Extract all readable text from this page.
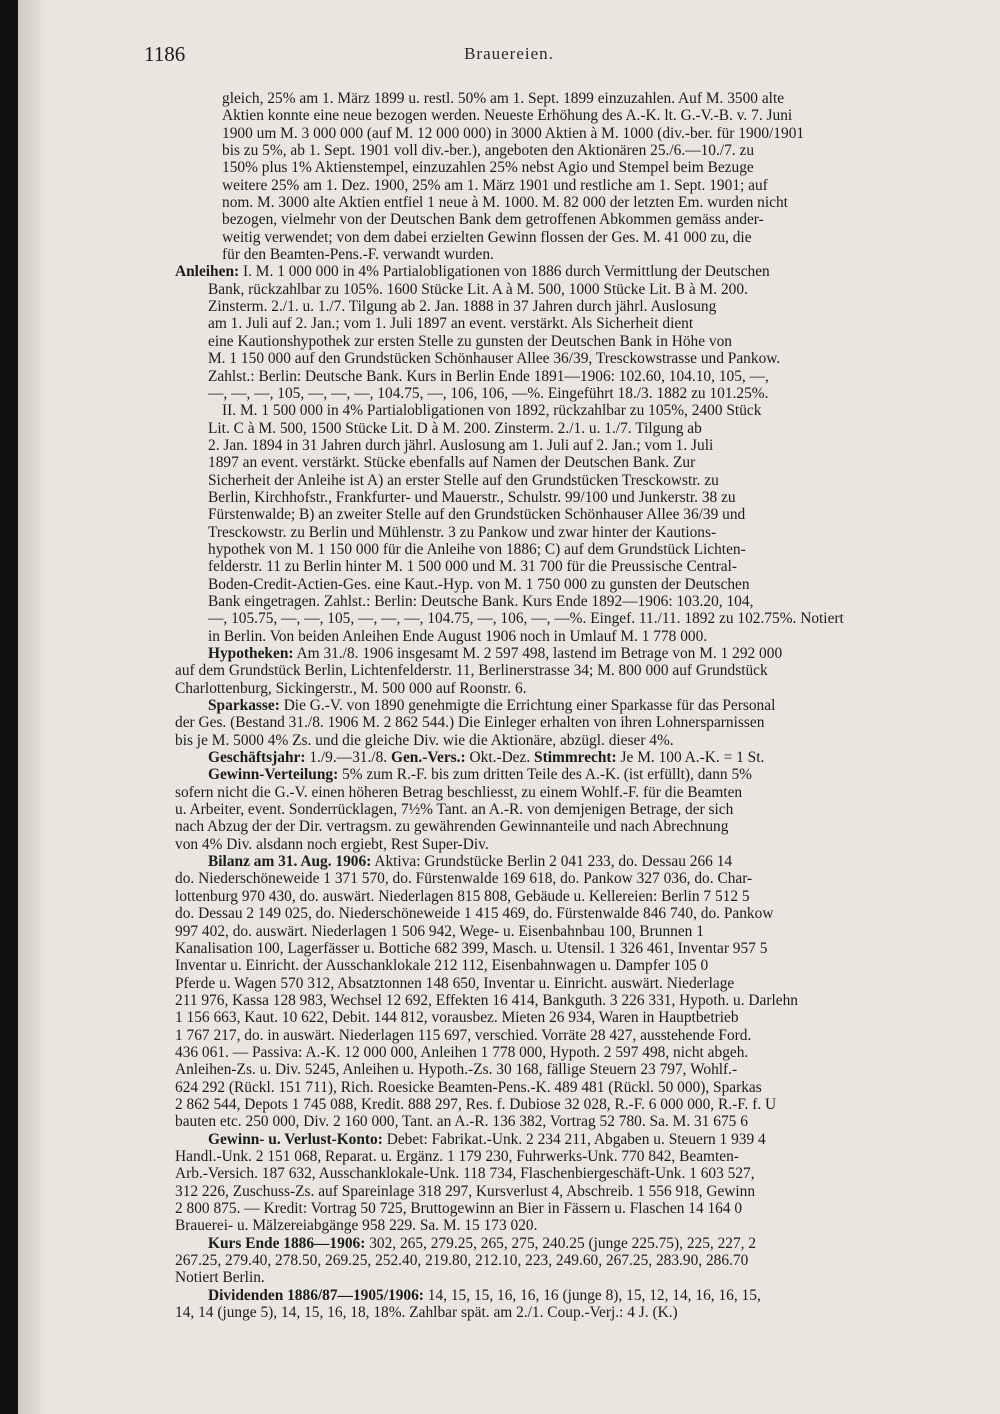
1186	Brauereien.
gleich, 25% am 1. März 1899 u. restl. 50% am 1. Sept. 1899 einzuzahlen. Auf M. 3500 alte
Aktien konnte eine neue bezogen werden. Neueste Erhöhung des A.-K. lt. G.-V.-B. v. 7. Juni
1900 um M. 3 000 000 (auf M. 12 000 000) in 3000 Aktien à M. 1000 (div.-ber. für 1900/1901
bis zu 5%, ab 1. Sept. 1901 voll div.-ber.), angeboten den Aktionären 25./6.—10./7. zu
150% plus 1% Aktienstempel, einzuzahlen 25% nebst Agio und Stempel beim Bezuge
weitere 25% am 1. Dez. 1900, 25% am 1. März 1901 und restliche am 1. Sept. 1901; auf
nom. M. 3000 alte Aktien entfiel 1 neue à M. 1000. M. 82 000 der letzten Em. wurden nicht
bezogen, vielmehr von der Deutschen Bank dem getroffenen Abkommen gemäss ander-
weitig verwendet; von dem dabei erzielten Gewinn flossen der Ges. M. 41 000 zu, die
für den Beamten-Pens.-F. verwandt wurden.
Anleihen: I. M. 1 000 000 in 4% Partialobligationen von 1886 durch Vermittlung der Deutschen
Bank, rückzahlbar zu 105%. 1600 Stücke Lit. A à M. 500, 1000 Stücke Lit. B à M. 200.
Zinsterm. 2./1. u. 1./7. Tilgung ab 2. Jan. 1888 in 37 Jahren durch jährl. Auslosung
am 1. Juli auf 2. Jan.; vom 1. Juli 1897 an event. verstärkt. Als Sicherheit dient
eine Kautionshypothek zur ersten Stelle zu gunsten der Deutschen Bank in Höhe von
M. 1 150 000 auf den Grundstücken Schönhauser Allee 36/39, Tresckowstrasse und Pankow.
Zahlst.: Berlin: Deutsche Bank. Kurs in Berlin Ende 1891—1906: 102.60, 104.10, 105, —,
—, —, —, 105, —, —, —, 104.75, —, 106, 106, —%. Eingeführt 18./3. 1882 zu 101.25%.
II. M. 1 500 000 in 4% Partialobligationen von 1892, rückzahlbar zu 105%, 2400 Stück
Lit. C à M. 500, 1500 Stücke Lit. D à M. 200. Zinsterm. 2./1. u. 1./7. Tilgung ab
2. Jan. 1894 in 31 Jahren durch jährl. Auslosung am 1. Juli auf 2. Jan.; vom 1. Juli
1897 an event. verstärkt. Stücke ebenfalls auf Namen der Deutschen Bank. Zur
Sicherheit der Anleihe ist A) an erster Stelle auf den Grundstücken Tresckowstr. zu
Berlin, Kirchhofstr., Frankfurter- und Mauerstr., Schulstr. 99/100 und Junkerstr. 38 zu
Fürstenwalde; B) an zweiter Stelle auf den Grundstücken Schönhauser Allee 36/39 und
Tresckowstr. zu Berlin und Mühlenstr. 3 zu Pankow und zwar hinter der Kautions-
hypothek von M. 1 150 000 für die Anleihe von 1886; C) auf dem Grundstück Lichten-
felderstr. 11 zu Berlin hinter M. 1 500 000 und M. 31 700 für die Preussische Central-
Boden-Credit-Actien-Ges. eine Kaut.-Hyp. von M. 1 750 000 zu gunsten der Deutschen
Bank eingetragen. Zahlst.: Berlin: Deutsche Bank. Kurs Ende 1892—1906: 103.20, 104,
—, 105.75, —, —, 105, —, —, —, 104.75, —, 106, —, —%. Eingef. 11./11. 1892 zu 102.75%. Notiert
in Berlin. Von beiden Anleihen Ende August 1906 noch in Umlauf M. 1 778 000.
Hypotheken: Am 31./8. 1906 insgesamt M. 2 597 498, lastend im Betrage von M. 1 292 000
auf dem Grundstück Berlin, Lichtenfelderstr. 11, Berlinerstrasse 34; M. 800 000 auf Grundstück
Charlottenburg, Sickingerstr., M. 500 000 auf Roonstr. 6.
Sparkasse: Die G.-V. von 1890 genehmigte die Errichtung einer Sparkasse für das Personal
der Ges. (Bestand 31./8. 1906 M. 2 862 544.) Die Einleger erhalten von ihren Lohnersparnissen
bis je M. 5000 4% Zs. und die gleiche Div. wie die Aktionäre, abzügl. dieser 4%.
Geschäftsjahr: 1./9.—31./8. Gen.-Vers.: Okt.-Dez. Stimmrecht: Je M. 100 A.-K. = 1 St.
Gewinn-Verteilung: 5% zum R.-F. bis zum dritten Teile des A.-K. (ist erfüllt), dann 5%
sofern nicht die G.-V. einen höheren Betrag beschliesst, zu einem Wohlf.-F. für die Beamten
u. Arbeiter, event. Sonderrücklagen, 7½% Tant. an A.-R. von demjenigen Betrage, der sich
nach Abzug der der Dir. vertragsm. zu gewährenden Gewinnanteile und nach Abrechnung
von 4% Div. alsdann noch ergiebt, Rest Super-Div.
Bilanz am 31. Aug. 1906: Aktiva: Grundstücke Berlin 2 041 233, do. Dessau 266 14
do. Niederschöneweide 1 371 570, do. Fürstenwalde 169 618, do. Pankow 327 036, do. Char-
lottenburg 970 430, do. auswärt. Niederlagen 815 808, Gebäude u. Kellereien: Berlin 7 512 5
do. Dessau 2 149 025, do. Niederschöneweide 1 415 469, do. Fürstenwalde 846 740, do. Pankow
997 402, do. auswärt. Niederlagen 1 506 942, Wege- u. Eisenbahnbau 100, Brunnen 1
Kanalisation 100, Lagerfässer u. Bottiche 682 399, Masch. u. Utensil. 1 326 461, Inventar 957 5
Inventar u. Einricht. der Ausschanklokale 212 112, Eisenbahnwagen u. Dampfer 105 0
Pferde u. Wagen 570 312, Absatztonnen 148 650, Inventar u. Einricht. auswärt. Niederlage
211 976, Kassa 128 983, Wechsel 12 692, Effekten 16 414, Bankguth. 3 226 331, Hypoth. u. Darlehn
1 156 663, Kaut. 10 622, Debit. 144 812, vorausbez. Mieten 26 934, Waren in Hauptbetrieb
1 767 217, do. in auswärt. Niederlagen 115 697, verschied. Vorräte 28 427, ausstehende Ford.
436 061. — Passiva: A.-K. 12 000 000, Anleihen 1 778 000, Hypoth. 2 597 498, nicht abgeh.
Anleihen-Zs. u. Div. 5245, Anleihen u. Hypoth.-Zs. 30 168, fällige Steuern 23 797, Wohlf.-
624 292 (Rückl. 151 711), Rich. Roesicke Beamten-Pens.-K. 489 481 (Rückl. 50 000), Sparkas
2 862 544, Depots 1 745 088, Kredit. 888 297, Res. f. Dubiose 32 028, R.-F. 6 000 000, R.-F. f. U
bauten etc. 250 000, Div. 2 160 000, Tant. an A.-R. 136 382, Vortrag 52 780. Sa. M. 31 675 6
Gewinn- u. Verlust-Konto: Debet: Fabrikat.-Unk. 2 234 211, Abgaben u. Steuern 1 939 4
Handl.-Unk. 2 151 068, Reparat. u. Ergänz. 1 179 230, Fuhrwerks-Unk. 770 842, Beamten-
Arb.-Versich. 187 632, Ausschanklokale-Unk. 118 734, Flaschenbiergeschäft-Unk. 1 603 527,
312 226, Zuschuss-Zs. auf Spareinlage 318 297, Kursverlust 4, Abschreib. 1 556 918, Gewinn
2 800 875. — Kredit: Vortrag 50 725, Bruttogewinn an Bier in Fässern u. Flaschen 14 164 0
Brauerei- u. Mälzereiabgänge 958 229. Sa. M. 15 173 020.
Kurs Ende 1886—1906: 302, 265, 279.25, 265, 275, 240.25 (junge 225.75), 225, 227, 2
267.25, 279.40, 278.50, 269.25, 252.40, 219.80, 212.10, 223, 249.60, 267.25, 283.90, 286.70
Notiert Berlin.
Dividenden 1886/87—1905/1906: 14, 15, 15, 16, 16, 16 (junge 8), 15, 12, 14, 16, 16, 15,
14, 14 (junge 5), 14, 15, 16, 18, 18%. Zahlbar spät. am 2./1. Coup.-Verj.: 4 J. (K.)
